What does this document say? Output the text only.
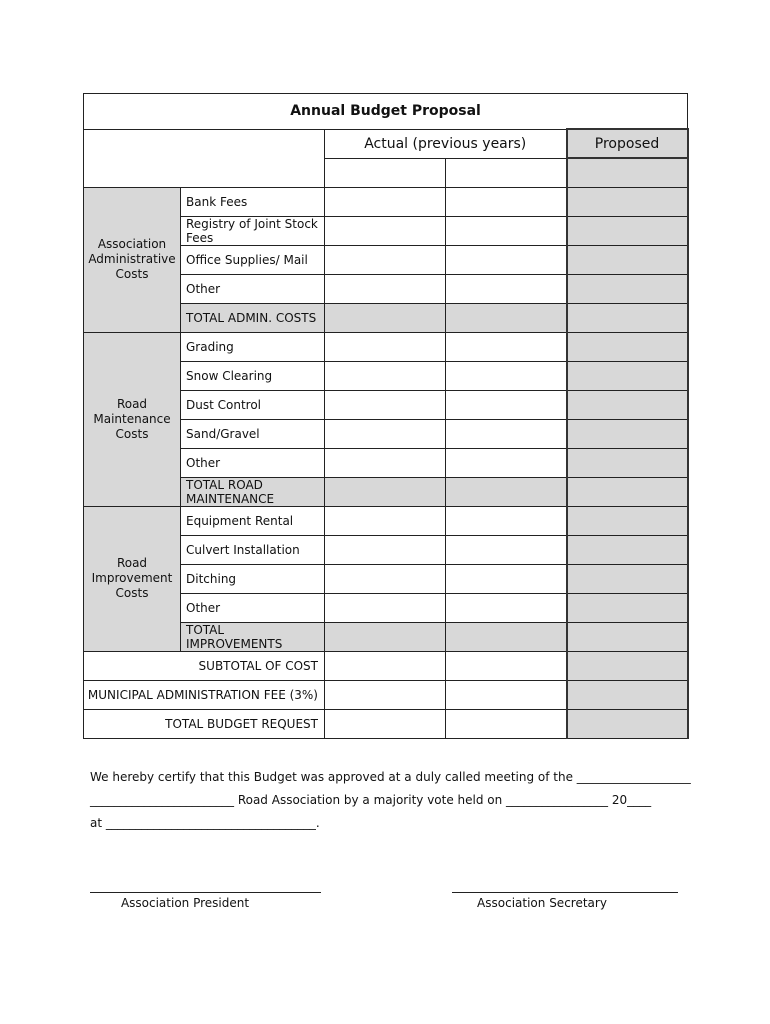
Annual Budget Proposal				
		Actual (previous years)		Proposed

Association Administrative Costs	Bank Fees			
	Registry of Joint Stock Fees			
	Office Supplies/ Mail			
	Other			
	TOTAL ADMIN. COSTS			
Road Maintenance Costs	Grading			
	Snow Clearing			
	Dust Control			
	Sand/Gravel			
	Other			
	TOTAL ROAD MAINTENANCE			
Road Improvement Costs	Equipment Rental			
	Culvert Installation			
	Ditching			
	Other			
	TOTAL IMPROVEMENTS			
SUBTOTAL OF COST				
MUNICIPAL ADMINISTRATION FEE (3%)				
TOTAL BUDGET REQUEST				
We hereby certify that this Budget was approved at a duly called meeting of the ___________________
________________________ Road Association by a majority vote held on _________________ 20____
at ___________________________________.
Association President	Association Secretary
